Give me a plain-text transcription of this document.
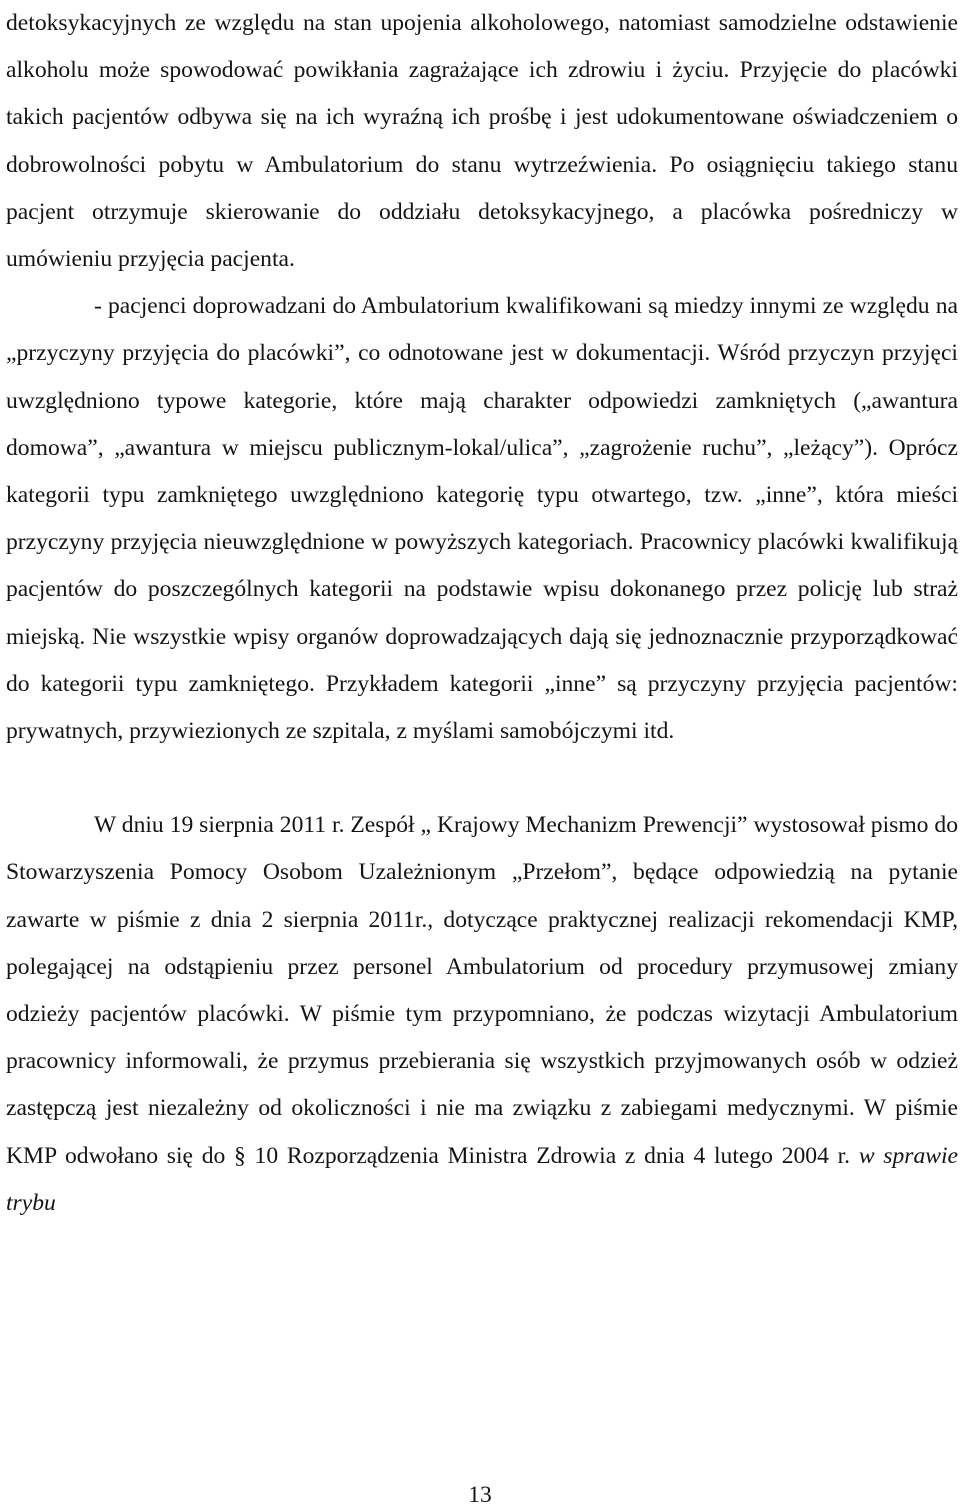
detoksykacyjnych ze względu na stan upojenia alkoholowego, natomiast samodzielne odstawienie alkoholu może spowodować powikłania zagrażające ich zdrowiu i życiu. Przyjęcie do placówki takich pacjentów odbywa się na ich wyraźną ich prośbę i jest udokumentowane oświadczeniem o dobrowolności pobytu w Ambulatorium do stanu wytrzeźwienia. Po osiągnięciu takiego stanu pacjent otrzymuje skierowanie do oddziału detoksykacyjnego, a placówka pośredniczy w umówieniu przyjęcia pacjenta.

- pacjenci doprowadzani do Ambulatorium kwalifikowani są miedzy innymi ze względu na „przyczyny przyjęcia do placówki”, co odnotowane jest w dokumentacji. Wśród przyczyn przyjęci uwzględniono typowe kategorie, które mają charakter odpowiedzi zamkniętych („awantura domowa”, „awantura w miejscu publicznym-lokal/ulica”, „zagrożenie ruchu”, „leżący”). Oprócz kategorii typu zamkniętego uwzględniono kategorię typu otwartego, tzw. „inne”, która mieści przyczyny przyjęcia nieuwzględnione w powyższych kategoriach. Pracownicy placówki kwalifikują pacjentów do poszczególnych kategorii na podstawie wpisu dokonanego przez policję lub straż miejską. Nie wszystkie wpisy organów doprowadzających dają się jednoznacznie przyporządkować do kategorii typu zamkniętego. Przykładem kategorii „inne” są przyczyny przyjęcia pacjentów: prywatnych, przywiezionych ze szpitala, z myślami samobójczymi itd.

W dniu 19 sierpnia 2011 r. Zespół „ Krajowy Mechanizm Prewencji” wystosował pismo do Stowarzyszenia Pomocy Osobom Uzależnionym „Przełom”, będące odpowiedzią na pytanie zawarte w piśmie z dnia 2 sierpnia 2011r., dotyczące praktycznej realizacji rekomendacji KMP, polegającej na odstąpieniu przez personel Ambulatorium od procedury przymusowej zmiany odzieży pacjentów placówki. W piśmie tym przypomniano, że podczas wizytacji Ambulatorium pracownicy informowali, że przymus przebierania się wszystkich przyjmowanych osób w odzież zastępczą jest niezależny od okoliczności i nie ma związku z zabiegami medycznymi. W piśmie KMP odwołano się do § 10 Rozporządzenia Ministra Zdrowia z dnia 4 lutego 2004 r. w sprawie trybu

13
